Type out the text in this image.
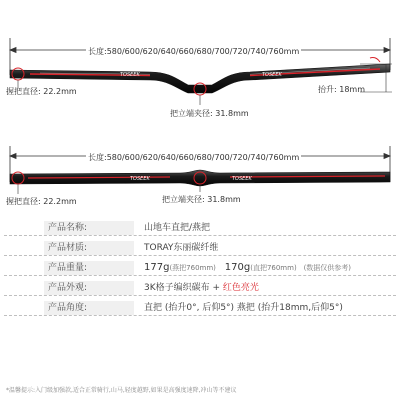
TOSEEK	TOSEEK
TOSEEK	TOSEEK
长度:580/600/620/640/660/680/700/720/740/760mm
握把直径: 22.2mm	抬升: 18mm
把立端夹径: 31.8mm
长度:580/600/620/640/660/680/700/720/740/760mm
握把直径: 22.2mm	把立端夹径: 31.8mm
产品名称:	山地车直把/燕把
产品材质:	TORAY东丽碳纤维
产品重量:	177g(燕把760mm) 170g(直把760mm) (数据仅供参考)
产品外观:	3K格子编织碳布 + 红色亮光
产品角度:	直把 (抬升0°, 后仰5°) 燕把 (抬升18mm,后仰5°)
*温馨提示:入门级加强款,适合正常骑行,山马,轻度越野,如果是高强度速降,冲山等不建议
